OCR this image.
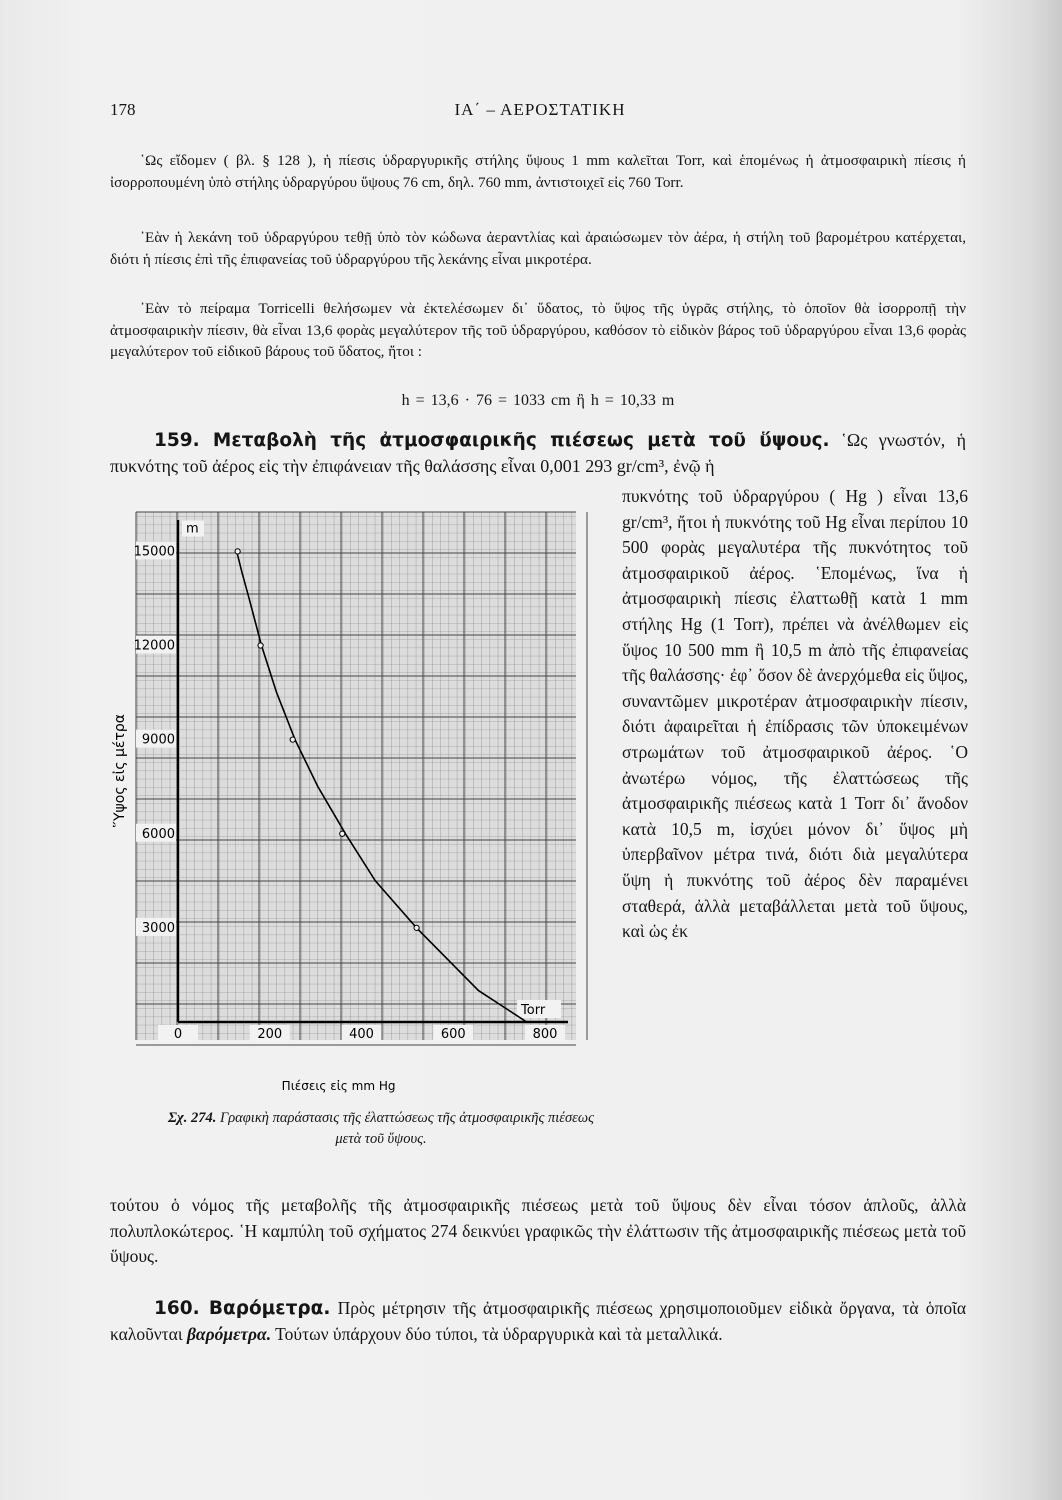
178	ΙΑ΄ – ΑΕΡΟΣΤΑΤΙΚΗ

῾Ως εἴδομεν ( βλ. § 128 ), ἡ πίεσις ὑδραργυρικῆς στήλης ὕψους 1 mm καλεῖται Torr, καὶ ἑπομένως ἡ ἀτμοσφαιρικὴ πίεσις ἡ ἰσορροπουμένη ὑπὸ στήλης ὑδραργύρου ὕψους 76 cm, δηλ. 760 mm, ἀντιστοιχεῖ εἰς 760 Torr.

᾿Εὰν ἡ λεκάνη τοῦ ὑδραργύρου τεθῇ ὑπὸ τὸν κώδωνα ἀεραντλίας καὶ ἀραιώσωμεν τὸν ἀέρα, ἡ στήλη τοῦ βαρομέτρου κατέρχεται, διότι ἡ πίεσις ἐπὶ τῆς ἐπιφανείας τοῦ ὑδραργύρου τῆς λεκάνης εἶναι μικροτέρα.

᾿Εὰν τὸ πείραμα Torricelli θελήσωμεν νὰ ἐκτελέσωμεν δι᾿ ὕδατος, τὸ ὕψος τῆς ὑγρᾶς στήλης, τὸ ὁποῖον θὰ ἰσορροπῇ τὴν ἀτμοσφαιρικὴν πίεσιν, θὰ εἶναι 13,6 φορὰς μεγαλύτερον τῆς τοῦ ὑδραργύρου, καθόσον τὸ εἰδικὸν βάρος τοῦ ὑδραργύρου εἶναι 13,6 φορὰς μεγαλύτερον τοῦ εἰδικοῦ βάρους τοῦ ὕδατος, ἤτοι :

h = 13,6 · 76 = 1033 cm ἢ h = 10,33 m

159. Μεταβολὴ τῆς ἀτμοσφαιρικῆς πιέσεως μετὰ τοῦ ὕψους. ῾Ως γνωστόν, ἡ πυκνότης τοῦ ἀέρος εἰς τὴν ἐπιφάνειαν τῆς θαλάσσης εἶναι 0,001 293 gr/cm³, ἐνῷ ἡ

πυκνότης τοῦ ὑδραργύρου ( Hg ) εἶναι 13,6 gr/cm³, ἤτοι ἡ πυκνότης τοῦ Hg εἶναι περίπου 10 500 φορὰς μεγαλυτέρα τῆς πυκνότητος τοῦ ἀτμοσφαιρικοῦ ἀέρος. ῾Επομένως, ἵνα ἡ ἀτμοσφαιρικὴ πίεσις ἐλαττωθῇ κατὰ 1 mm στήλης Hg (1 Torr), πρέπει νὰ ἀνέλθωμεν εἰς ὕψος 10 500 mm ἢ 10,5 m ἀπὸ τῆς ἐπιφανείας τῆς θαλάσσης· ἐφ᾿ ὅσον δὲ ἀνερχόμεθα εἰς ὕψος, συναντῶμεν μικροτέραν ἀτμοσφαιρικὴν πίεσιν, διότι ἀφαιρεῖται ἡ ἐπίδρασις τῶν ὑποκειμένων στρωμάτων τοῦ ἀτμοσφαιρικοῦ ἀέρος. ῾Ο ἀνωτέρω νόμος, τῆς ἐλαττώσεως τῆς ἀτμοσφαιρικῆς πιέσεως κατὰ 1 Torr δι᾿ ἄνοδον κατὰ 10,5 m, ἰσχύει μόνον δι᾿ ὕψος μὴ ὑπερβαῖνον μέτρα τινά, διότι διὰ μεγαλύτερα ὕψη ἡ πυκνότης τοῦ ἀέρος δὲν παραμένει σταθερά, ἀλλὰ μεταβάλλεται μετὰ τοῦ ὕψους, καὶ ὡς ἐκ

3000
6000
9000
12000
15000
0	200	400	600	800
῞Υψος εἰς μέτρα
Πιέσεις εἰς mm Hg
m
Torr
Σχ. 274. Γραφικὴ παράστασις τῆς ἐλαττώσεως τῆς ἀτμοσφαιρικῆς πιέσεως μετὰ τοῦ ὕψους.

τούτου ὁ νόμος τῆς μεταβολῆς τῆς ἀτμοσφαιρικῆς πιέσεως μετὰ τοῦ ὕψους δὲν εἶναι τόσον ἁπλοῦς, ἀλλὰ πολυπλοκώτερος. ῾Η καμπύλη τοῦ σχήματος 274 δεικνύει γραφικῶς τὴν ἐλάττωσιν τῆς ἀτμοσφαιρικῆς πιέσεως μετὰ τοῦ ὕψους.

160. Βαρόμετρα. Πρὸς μέτρησιν τῆς ἀτμοσφαιρικῆς πιέσεως χρησιμοποιοῦμεν εἰδικὰ ὄργανα, τὰ ὁποῖα καλοῦνται βαρόμετρα. Τούτων ὑπάρχουν δύο τύποι, τὰ ὑδραργυρικὰ καὶ τὰ μεταλλικά.
